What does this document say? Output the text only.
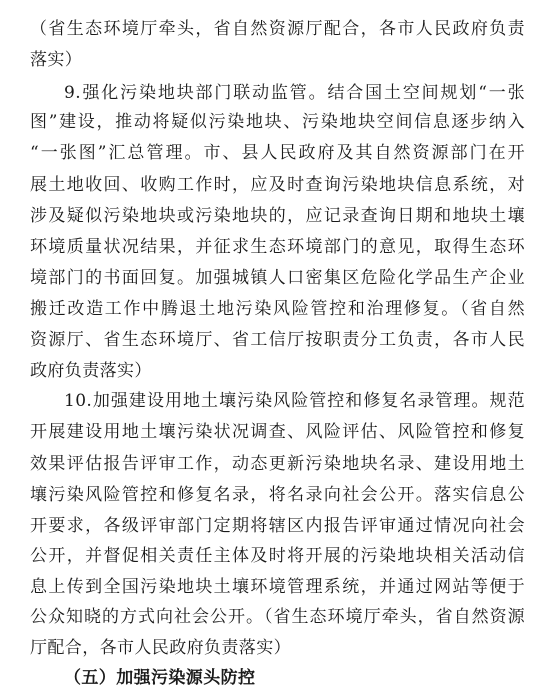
（省生态环境厅牵头，省自然资源厅配合，各市人民政府负责
落实）
9.强化污染地块部门联动监管。结合国土空间规划“一张
图”建设，推动将疑似污染地块、污染地块空间信息逐步纳入
“一张图”汇总管理。市、县人民政府及其自然资源部门在开
展土地收回、收购工作时，应及时查询污染地块信息系统，对
涉及疑似污染地块或污染地块的，应记录查询日期和地块土壤
环境质量状况结果，并征求生态环境部门的意见，取得生态环
境部门的书面回复。加强城镇人口密集区危险化学品生产企业
搬迁改造工作中腾退土地污染风险管控和治理修复。（省自然
资源厅、省生态环境厅、省工信厅按职责分工负责，各市人民
政府负责落实）
10.加强建设用地土壤污染风险管控和修复名录管理。规范
开展建设用地土壤污染状况调查、风险评估、风险管控和修复
效果评估报告评审工作，动态更新污染地块名录、建设用地土
壤污染风险管控和修复名录，将名录向社会公开。落实信息公
开要求，各级评审部门定期将辖区内报告评审通过情况向社会
公开，并督促相关责任主体及时将开展的污染地块相关活动信
息上传到全国污染地块土壤环境管理系统，并通过网站等便于
公众知晓的方式向社会公开。（省生态环境厅牵头，省自然资源
厅配合，各市人民政府负责落实）
（五）加强污染源头防控
